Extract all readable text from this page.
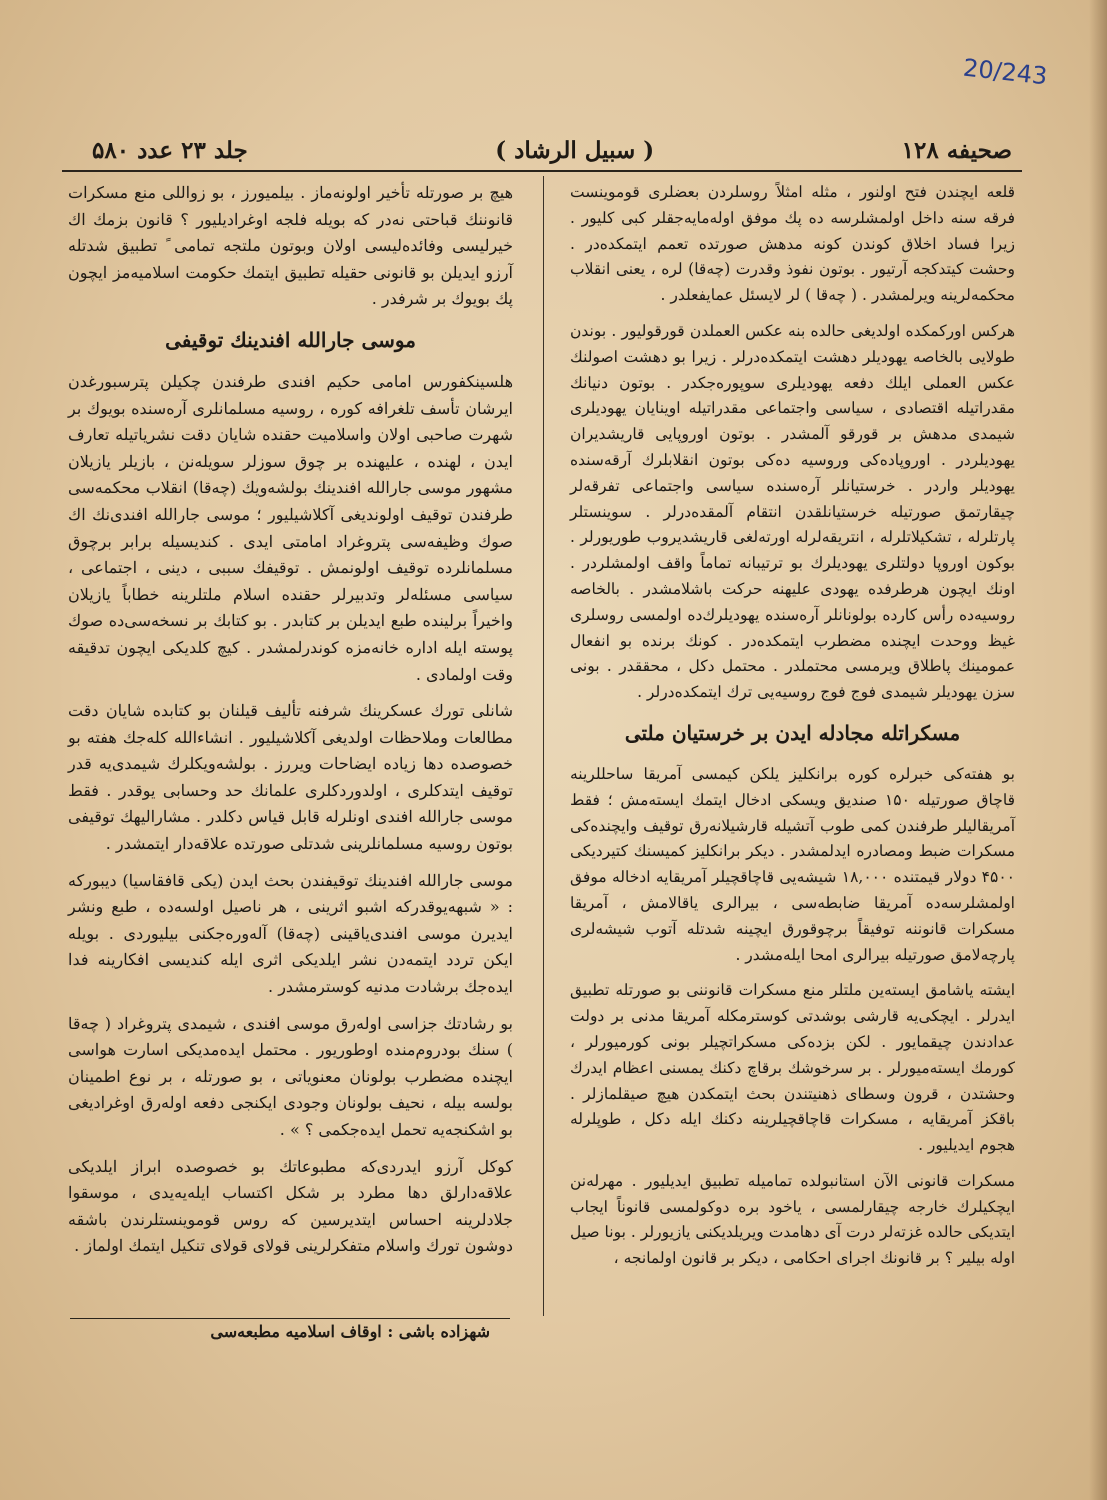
20/243
صحیفه ۱۲۸
( سبیل الرشاد )
جلد ۲۳ عدد ۵۸۰

قلعه ایچندن فتح اولنور ، مثله امثلاً روسلردن بعضلری قوموینست فرقه سنه داخل اولمشلرسه ده پك موفق اوله‌مایه‌جقلر كبی كلیور . زیرا فساد اخلاق كوندن كونه مدهش صورتده تعمم ایتمكده‌در . وحشت كیتدكجه آرتیور . بوتون نفوذ وقدرت (چه‌قا) لره ، یعنی انقلاب محكمه‌لرینه ویرلمشدر . ( چه‌قا ) لر لایسئل عمایفعلدر .

هركس اوركمكده اولدیغی حالده بنه عكس العملدن قورقولیور . بوندن طولایی بالخاصه یهودیلر دهشت ایتمكده‌درلر . زیرا بو دهشت اصولنك عكس العملی ایلك دفعه یهودیلری سوپوره‌جكدر . بوتون دنیانك مقدراتیله اقتصادی ، سیاسی واجتماعی مقدراتیله اوینایان یهودیلری شیمدی مدهش بر قورقو آلمشدر . بوتون اوروپایی قاریشدیران یهودیلردر . اوروپاده‌كی وروسیه ده‌كی بوتون انقلابلرك آرقه‌سنده یهودیلر واردر . خرستیانلر آره‌سنده سیاسی واجتماعی تفرقه‌لر چیقارتمق صورتیله خرستیانلقدن انتقام آلمقده‌درلر . سوینستلر پارتلرله ، تشكیلاتلرله ، انتریقه‌لرله اورته‌لغی قاریشدیروب طوریورلر . بوكون اوروپا دولتلری یهودیلرك بو ترتیبانه تماماً واقف اولمشلردر . اونك ایچون هرطرفده یهودی علیهنه حركت باشلامشدر . بالخاصه روسیه‌ده رأس كارده بولونانلر آره‌سنده یهودیلرك‌ده اولمسی روسلری غیظ ووحدت ایچنده مضطرب ایتمكده‌در . كونك برنده بو انفعال عمومینك پاطلاق ویرمسی محتملدر . محتمل دكل ، محققدر . بونی سزن یهودیلر شیمدی فوج فوج روسیه‌یی ترك ایتمكده‌درلر .

مسكراتله مجادله ایدن بر خرستیان ملتی

بو هفته‌كی خبرلره كوره برانكلیز یلكن كیمسی آمریقا ساحللرینه قاچاق صورتیله ۱۵۰ صندیق ویسكی ادخال ایتمك ایسته‌مش ؛ فقط آمریقالیلر طرفندن كمی طوب آتشیله قارشیلانه‌رق توقیف وایچنده‌كی مسكرات ضبط ومصادره ایدلمشدر . دیكر برانكلیز كمیسنك كتیردیكی ۴۵۰۰ دولار قیمتنده ۱۸,۰۰۰ شیشه‌یی قاچاقچیلر آمریقایه ادخاله موفق اولمشلرسه‌ده آمریقا ضابطه‌سی ، بیرالری یاقالامش ، آمریقا مسكرات قانوننه توفیقاً برچوقورق ایچینه شدتله آتوب شیشه‌لری پارچه‌لامق صورتیله بیرالری امحا ایله‌مشدر .

ایشته یاشامق ایسته‌ین ملتلر منع مسكرات قانوننی بو صورتله تطبیق ایدرلر . ایچكی‌یه قارشی بوشدتی كوسترمكله آمریقا مدنی بر دولت عدادندن چیقمایور . لكن بزده‌كی مسكراتچیلر بونی كورمیورلر ، كورمك ایسته‌میورلر . بر سرخوشك برقاچ دكنك یمسنی اعظام ایدرك وحشتدن ، قرون وسطای ذهنیتندن بحث ایتمكدن هیچ صیقلمازلر . باقكز آمریقایه ، مسكرات قاچاقچیلرینه دكنك ایله دكل ، طوپلرله هجوم ایدیلیور .

مسكرات قانونی الآن استانبولده تماميله تطبیق ایدیلیور . مهرله‌نن ایچكیلرك خارجه چیقارلمسی ، یاخود بره دوكولمسی قانوناً ایجاب ایتدیكی حالده غزته‌لر درت آی دهامدت ویریلدیكنی یازیورلر . بونا صیل اوله بیلیر ؟ بر قانونك اجرای احكامی ، دیكر بر قانون اولمانجه ،

هیچ بر صورتله تأخیر اولونه‌ماز . بیلمیورز ، بو زواللی منع مسكرات قانوننك قباحتی نه‌در كه بویله فلجه اوغرادیلیور ؟ قانون بزمك اك خیرلیسی وفائده‌لیسی اولان وبوتون ملتجه تمامی ً تطبیق شدتله آرزو ایدیلن بو قانونی حقیله تطبیق ایتمك حكومت اسلامیه‌مز ایچون پك بویوك بر شرفدر .

موسی جارالله افندینك توقیفی

هلسینكفورس امامی حكیم افندی طرفندن چكیلن پترسبورغدن ایرشان تأسف تلغرافه كوره ، روسیه مسلمانلری آره‌سنده بویوك بر شهرت صاحبی اولان واسلامیت حقنده شایان دقت نشریاتیله تعارف ایدن ، لهنده ، علیهنده بر چوق سوزلر سویله‌نن ، بازیلر یازیلان مشهور موسی جارالله افندینك بولشه‌ویك (چه‌قا) انقلاب محكمه‌سی طرفندن توقیف اولوندیغی آكلاشیلیور ؛ موسی جارالله افندی‌نك اك صوك وظیفه‌سی پتروغراد امامتی ایدی . كندیسیله برابر برچوق مسلمانلرده توقیف اولونمش . توقیفك سببی ، دینی ، اجتماعی ، سیاسی مسئله‌لر وتدبیرلر حقنده اسلام ملتلرینه خطاباً یازیلان واخیراً برلینده طبع ایدیلن بر كتابدر . بو كتابك بر نسخه‌سی‌ده صوك پوسته ایله اداره خانه‌مزه كوندرلمشدر . كیچ كلدیكی ایچون تدقیقه وقت اولمادی .

شانلی تورك عسكرینك شرفنه تألیف قیلنان بو كتابده شایان دقت مطالعات وملاحظات اولدیغی آكلاشیلیور . انشاءالله كله‌جك هفته بو خصوصده دها زیاده ایضاحات ویررز . بولشه‌ویكلرك شیمدی‌یه قدر توقیف ایتدكلری ، اولدوردكلری علمانك حد وحسابی یوقدر . فقط موسی جارالله افندی اونلرله قابل قیاس دكلدر . مشارالیهك توقیفی بوتون روسیه مسلمانلرینی شدتلی صورتده علاقه‌دار ایتمشدر .

موسی جارالله افندینك توقیفندن بحث ایدن (یكی قافقاسیا) دیبوركه : « شبهه‌یوقدركه اشبو اثرینی ، هر ناصیل اولسه‌ده ، طبع ونشر ایدیرن موسی افندی‌یاقینی (چه‌قا) آله‌وره‌جكنی بیلیوردی . بویله ایكن تردد ایتمه‌دن نشر ایلدیكی اثری ایله كندیسی افكارینه فدا ایده‌جك برشادت مدنیه كوسترمشدر .

بو رشادتك جزاسی اوله‌رق موسی افندی ، شیمدی پتروغراد ( چه‌قا ) سنك بودروم‌منده اوطوریور . محتمل ایده‌مدیكی اسارت هواسی ایچنده مضطرب بولونان معنویاتی ، بو صورتله ، بر نوع اطمینان بولسه بیله ، نحیف بولونان وجودی ایكنجی دفعه اوله‌رق اوغرادیغی بو اشكنجه‌یه تحمل ایده‌جكمی ؟ » .

كوكل آرزو ایدردی‌كه مطبوعاتك بو خصوصده ابراز ایلدیكی علاقه‌دارلق دها مطرد بر شكل اكتساب ایله‌یه‌یدی ، موسقوا جلادلرینه احساس ایتدیرسین كه روس قوموینستلرندن باشقه دوشون تورك واسلام متفكرلرینی قولای قولای تنكیل ایتمك اولماز .

شهزاده باشی : اوقاف اسلامیه مطبعه‌سی
